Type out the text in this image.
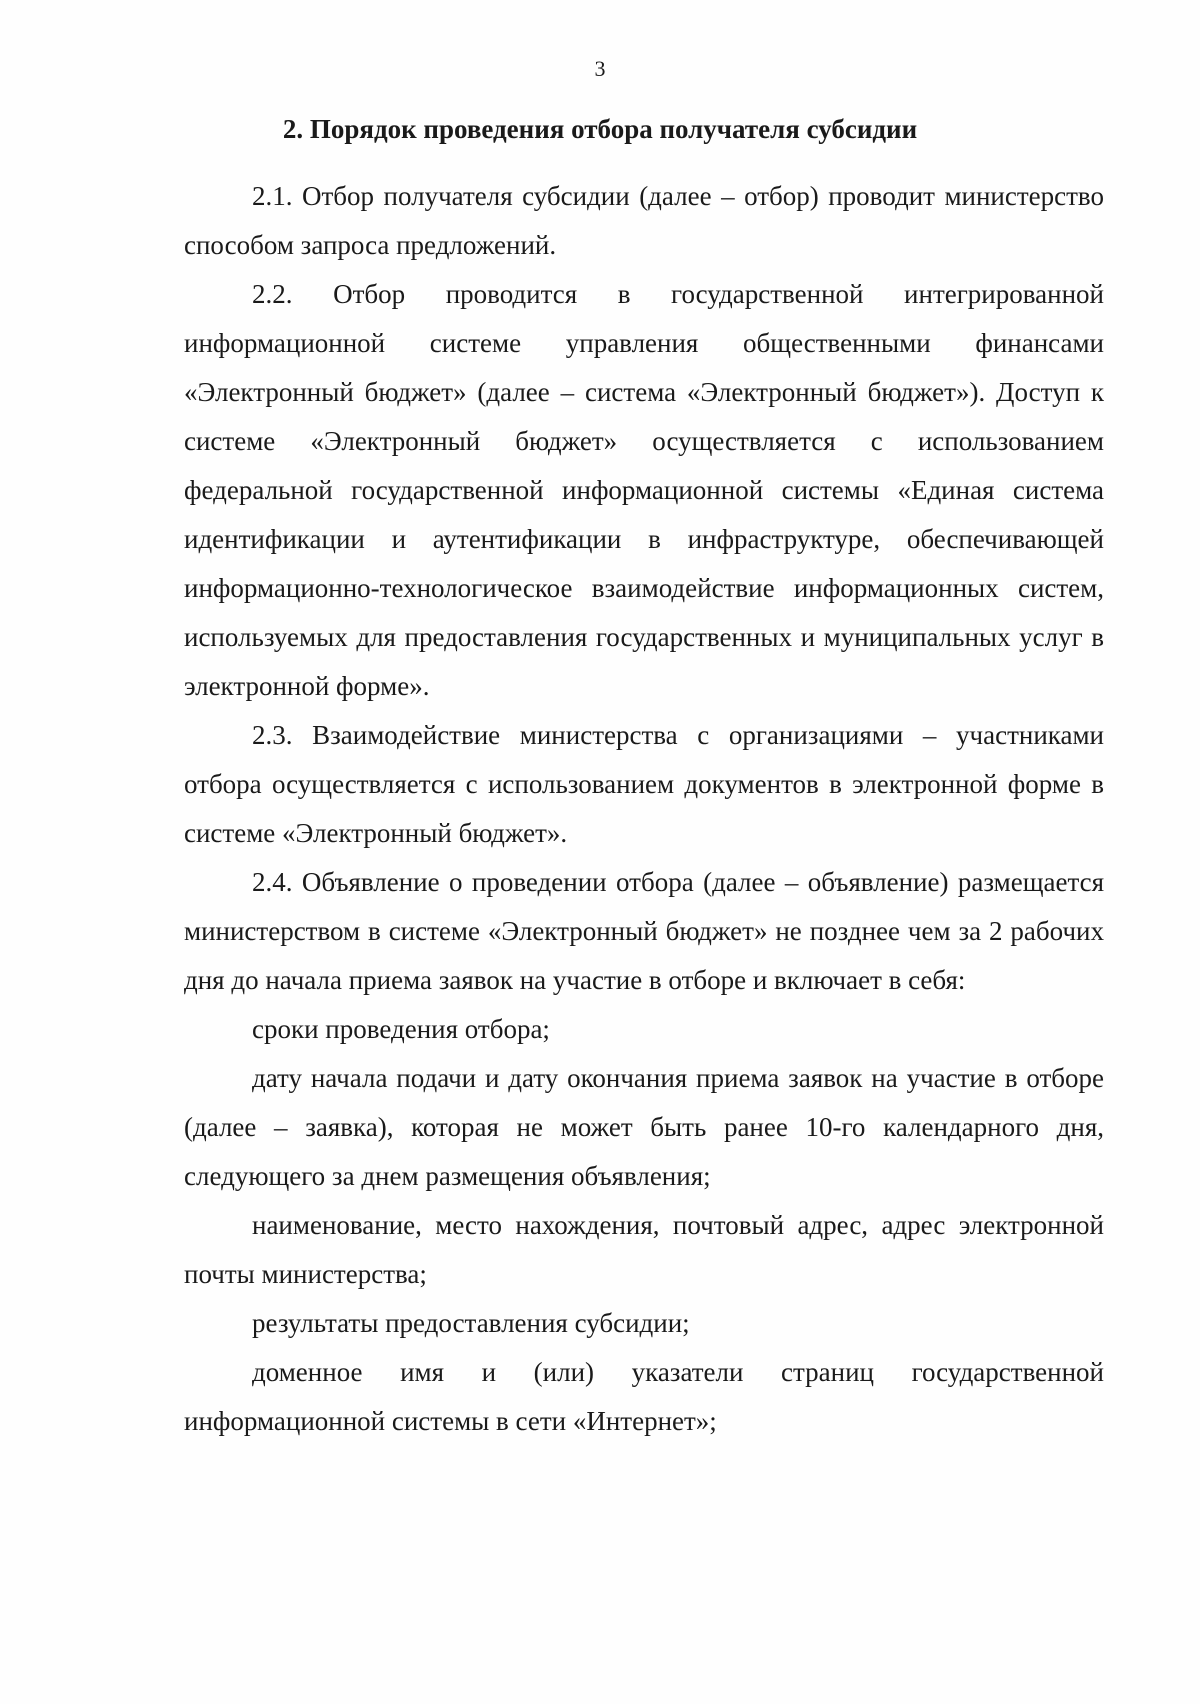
3
2. Порядок проведения отбора получателя субсидии

2.1. Отбор получателя субсидии (далее – отбор) проводит министерство способом запроса предложений.

2.2. Отбор проводится в государственной интегрированной информационной системе управления общественными финансами «Электронный бюджет» (далее – система «Электронный бюджет»). Доступ к системе «Электронный бюджет» осуществляется с использованием федеральной государственной информационной системы «Единая система идентификации и аутентификации в инфраструктуре, обеспечивающей информационно-технологическое взаимодействие информационных систем, используемых для предоставления государственных и муниципальных услуг в электронной форме».

2.3. Взаимодействие министерства с организациями – участниками отбора осуществляется с использованием документов в электронной форме в системе «Электронный бюджет».

2.4. Объявление о проведении отбора (далее – объявление) размещается министерством в системе «Электронный бюджет» не позднее чем за 2 рабочих дня до начала приема заявок на участие в отборе и включает в себя:

сроки проведения отбора;

дату начала подачи и дату окончания приема заявок на участие в отборе (далее – заявка), которая не может быть ранее 10-го календарного дня, следующего за днем размещения объявления;

наименование, место нахождения, почтовый адрес, адрес электронной почты министерства;

результаты предоставления субсидии;

доменное имя и (или) указатели страниц государственной информационной системы в сети «Интернет»;
